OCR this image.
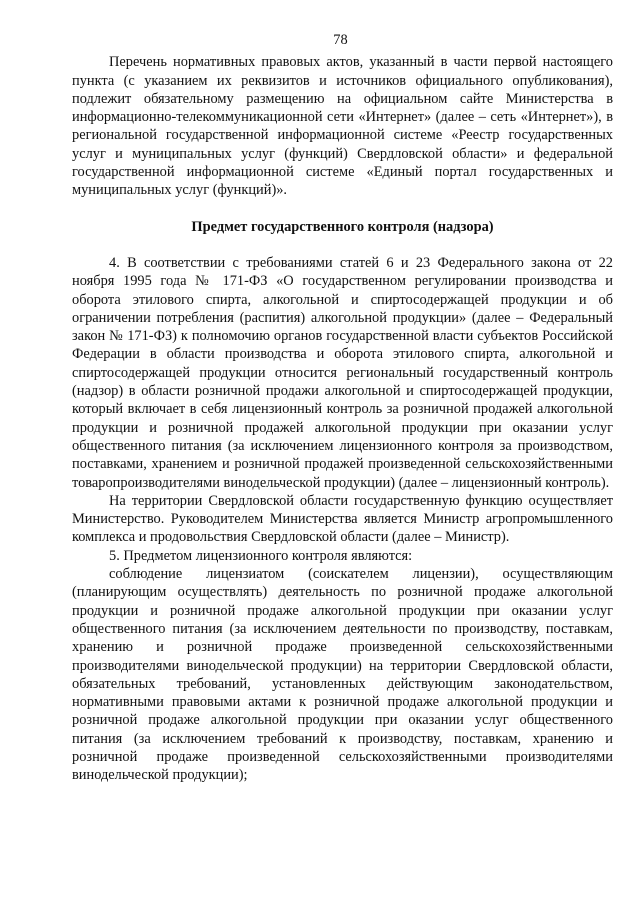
78

Перечень нормативных правовых актов, указанный в части первой настоящего пункта (с указанием их реквизитов и источников официального опубликования), подлежит обязательному размещению на официальном сайте Министерства в информационно-телекоммуникационной сети «Интернет» (далее – сеть «Интернет»), в региональной государственной информационной системе «Реестр государственных услуг и муниципальных услуг (функций) Свердловской области» и федеральной государственной информационной системе «Единый портал государственных и муниципальных услуг (функций)».

Предмет государственного контроля (надзора)

4. В соответствии с требованиями статей 6 и 23 Федерального закона от 22 ноября 1995 года № 171-ФЗ «О государственном регулировании производства и оборота этилового спирта, алкогольной и спиртосодержащей продукции и об ограничении потребления (распития) алкогольной продукции» (далее – Федеральный закон № 171-ФЗ) к полномочию органов государственной власти субъектов Российской Федерации в области производства и оборота этилового спирта, алкогольной и спиртосодержащей продукции относится региональный государственный контроль (надзор) в области розничной продажи алкогольной и спиртосодержащей продукции, который включает в себя лицензионный контроль за розничной продажей алкогольной продукции и розничной продажей алкогольной продукции при оказании услуг общественного питания (за исключением лицензионного контроля за производством, поставками, хранением и розничной продажей произведенной сельскохозяйственными товаропроизводителями винодельческой продукции) (далее – лицензионный контроль).

На территории Свердловской области государственную функцию осуществляет Министерство. Руководителем Министерства является Министр агропромышленного комплекса и продовольствия Свердловской области (далее – Министр).

5. Предметом лицензионного контроля являются:

соблюдение лицензиатом (соискателем лицензии), осуществляющим (планирующим осуществлять) деятельность по розничной продаже алкогольной продукции и розничной продаже алкогольной продукции при оказании услуг общественного питания (за исключением деятельности по производству, поставкам, хранению и розничной продаже произведенной сельскохозяйственными производителями винодельческой продукции) на территории Свердловской области, обязательных требований, установленных действующим законодательством, нормативными правовыми актами к розничной продаже алкогольной продукции и розничной продаже алкогольной продукции при оказании услуг общественного питания (за исключением требований к производству, поставкам, хранению и розничной продаже произведенной сельскохозяйственными производителями винодельческой продукции);
